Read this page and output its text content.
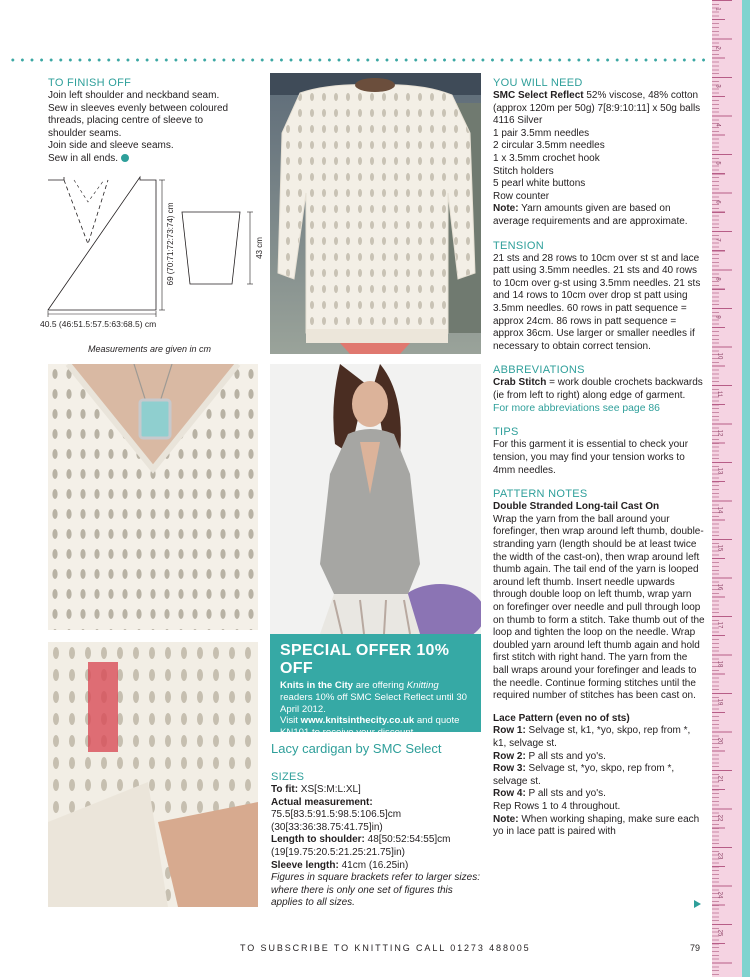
1
2
3
4
5
6
7
8
9
10
11
12
13
14
15
16
17
18
19
20
21
22
23
24
25
TO FINISH OFF
Join left shoulder and neckband seam.
Sew in sleeves evenly between coloured
threads, placing centre of sleeve to
shoulder seams.
Join side and sleeve seams.
Sew in all ends.
69 (70:71:72:73:74) cm	43 cm
40.5 (46:51.5:57.5:63:68.5) cm
Measurements are given in cm
SPECIAL OFFER 10% OFF
Knits in the City are offering Knitting readers 10% off SMC Select Reflect until 30 April 2012.
Visit www.knitsinthecity.co.uk and quote KN101 to receive your discount.
Lacy cardigan by SMC Select
SIZES
To fit: XS[S:M:L:XL]
Actual measurement:
75.5[83.5:91.5:98.5:106.5]cm
(30[33:36:38.75:41.75]in)
Length to shoulder: 48[50:52:54:55]cm
(19[19.75:20.5:21.25:21.75]in)
Sleeve length: 41cm (16.25in)
Figures in square brackets refer to larger sizes: where there is only one set of figures this applies to all sizes.
YOU WILL NEED
SMC Select Reflect 52% viscose, 48% cotton (approx 120m per 50g) 7[8:9:10:11] x 50g balls 4116 Silver
1 pair 3.5mm needles
2 circular 3.5mm needles
1 x 3.5mm crochet hook
Stitch holders
5 pearl white buttons
Row counter
Note: Yarn amounts given are based on average requirements and are approximate.
TENSION
21 sts and 28 rows to 10cm over st st and lace patt using 3.5mm needles. 21 sts and 40 rows to 10cm over g-st using 3.5mm needles. 21 sts and 14 rows to 10cm over drop st patt using 3.5mm needles. 60 rows in patt sequence = approx 24cm. 86 rows in patt sequence = approx 36cm. Use larger or smaller needles if necessary to obtain correct tension.
ABBREVIATIONS
Crab Stitch = work double crochets backwards (ie from left to right) along edge of garment.
For more abbreviations see page 86
TIPS
For this garment it is essential to check your tension, you may find your tension works to 4mm needles.
PATTERN NOTES
Double Stranded Long-tail Cast On
Wrap the yarn from the ball around your forefinger, then wrap around left thumb, double-stranding yarn (length should be at least twice the width of the cast-on), then wrap around left thumb again. The tail end of the yarn is looped around left thumb. Insert needle upwards through double loop on left thumb, wrap yarn on forefinger over needle and pull through loop on thumb to form a stitch. Take thumb out of the loop and tighten the loop on the needle. Wrap doubled yarn around left thumb again and hold first stitch with right hand. The yarn from the ball wraps around your forefinger and leads to the needle. Continue forming stitches until the required number of stitches has been cast on.
Lace Pattern (even no of sts)
Row 1: Selvage st, k1, *yo, skpo, rep from *, k1, selvage st.
Row 2: P all sts and yo's.
Row 3: Selvage st, *yo, skpo, rep from *, selvage st.
Row 4: P all sts and yo's.
Rep Rows 1 to 4 throughout.
Note: When working shaping, make sure each yo in lace patt is paired with
TO SUBSCRIBE TO KNITTING CALL 01273 488005	79
